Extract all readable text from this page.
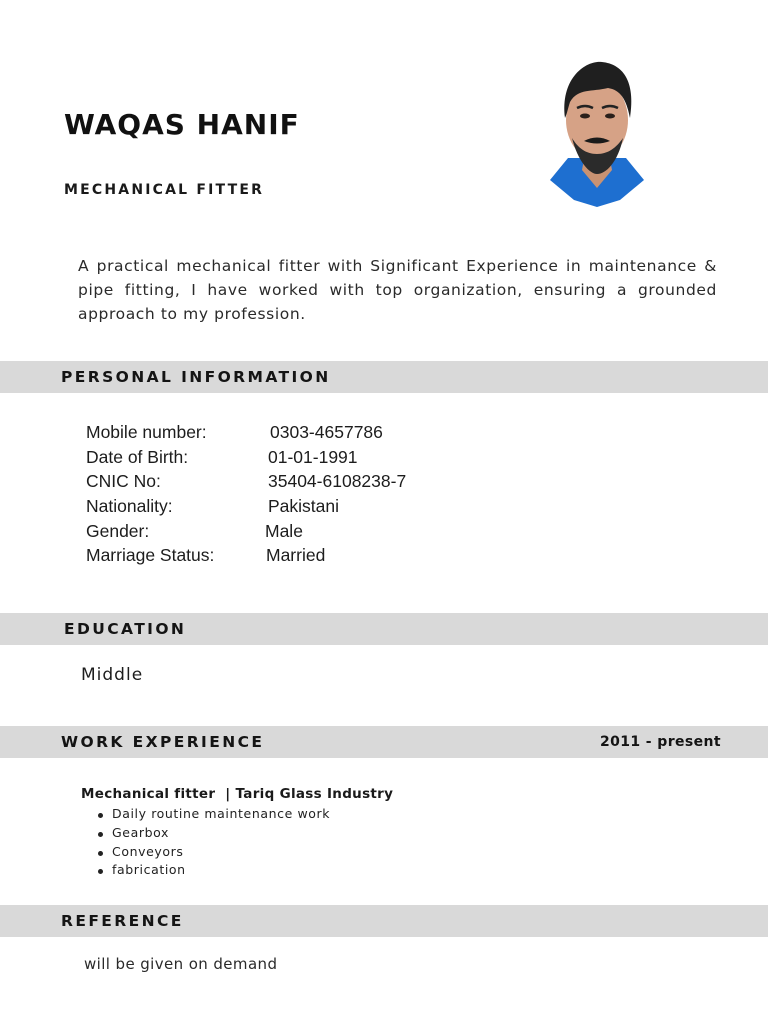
WAQAS HANIF
MECHANICAL FITTER

A practical mechanical fitter with Significant Experience in maintenance & pipe fitting, I have worked with top organization, ensuring a grounded approach to my profession.

PERSONAL INFORMATION
Mobile number:	0303-4657786
Date of Birth:	01-01-1991
CNIC No:	35404-6108238-7
Nationality:	Pakistani
Gender:	Male
Marriage Status:	Married
EDUCATION

Middle

WORK EXPERIENCE	2011 - present

Mechanical fitter  | Tariq Glass Industry

Daily routine maintenance work
Gearbox
Conveyors
fabrication
REFERENCE

will be given on demand
